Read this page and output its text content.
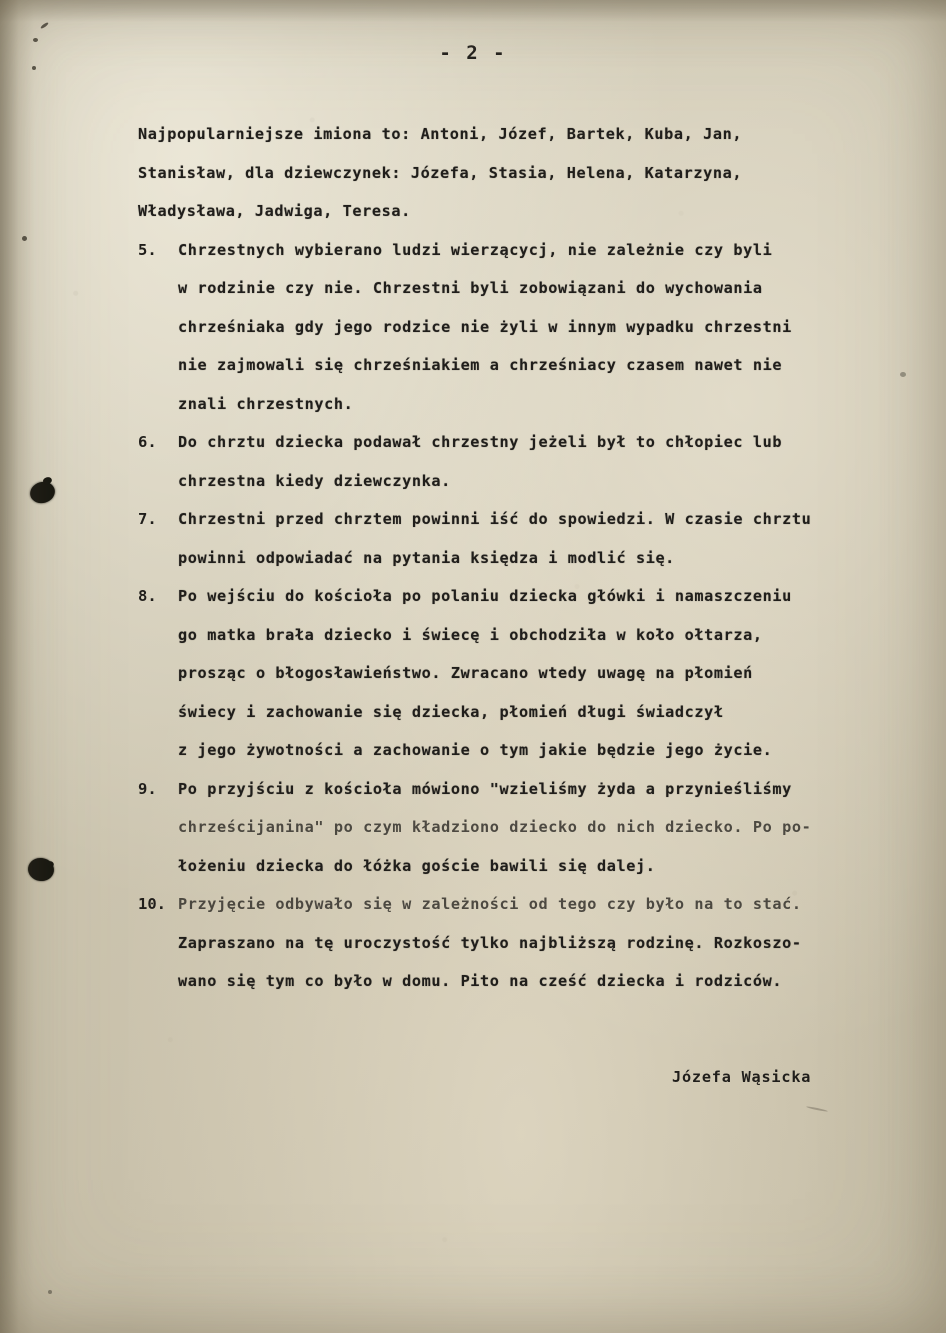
- 2 -
Najpopularniejsze imiona to: Antoni, Józef, Bartek, Kuba, Jan,
Stanisław, dla dziewczynek: Józefa, Stasia, Helena, Katarzyna,
Władysława, Jadwiga, Teresa.
5.	Chrzestnych wybierano ludzi wierzącycj, nie zależnie czy byli
w rodzinie czy nie. Chrzestni byli zobowiązani do wychowania
chrześniaka gdy jego rodzice nie żyli w innym wypadku chrzestni
nie zajmowali się chrześniakiem a chrześniacy czasem nawet nie
znali chrzestnych.
6.	Do chrztu dziecka podawał chrzestny jeżeli był to chłopiec lub
chrzestna kiedy dziewczynka.
7.	Chrzestni przed chrztem powinni iść do spowiedzi. W czasie chrztu
powinni odpowiadać na pytania księdza i modlić się.
8.	Po wejściu do kościoła po polaniu dziecka główki i namaszczeniu
go matka brała dziecko i świecę i obchodziła w koło ołtarza,
prosząc o błogosławieństwo. Zwracano wtedy uwagę na płomień
świecy i zachowanie się dziecka, płomień długi świadczył
z jego żywotności a zachowanie o tym jakie będzie jego życie.
9.	Po przyjściu z kościoła mówiono "wzieliśmy żyda a przynieśliśmy
chrześcijanina" po czym kładziono dziecko do nich dziecko. Po po-
łożeniu dziecka do łóżka goście bawili się dalej.
10. Przyjęcie odbywało się w zależności od tego czy było na to stać.
Zapraszano na tę uroczystość tylko najbliższą rodzinę. Rozkoszo-
wano się tym co było w domu. Pito na cześć dziecka i rodziców.
Józefa Wąsicka
